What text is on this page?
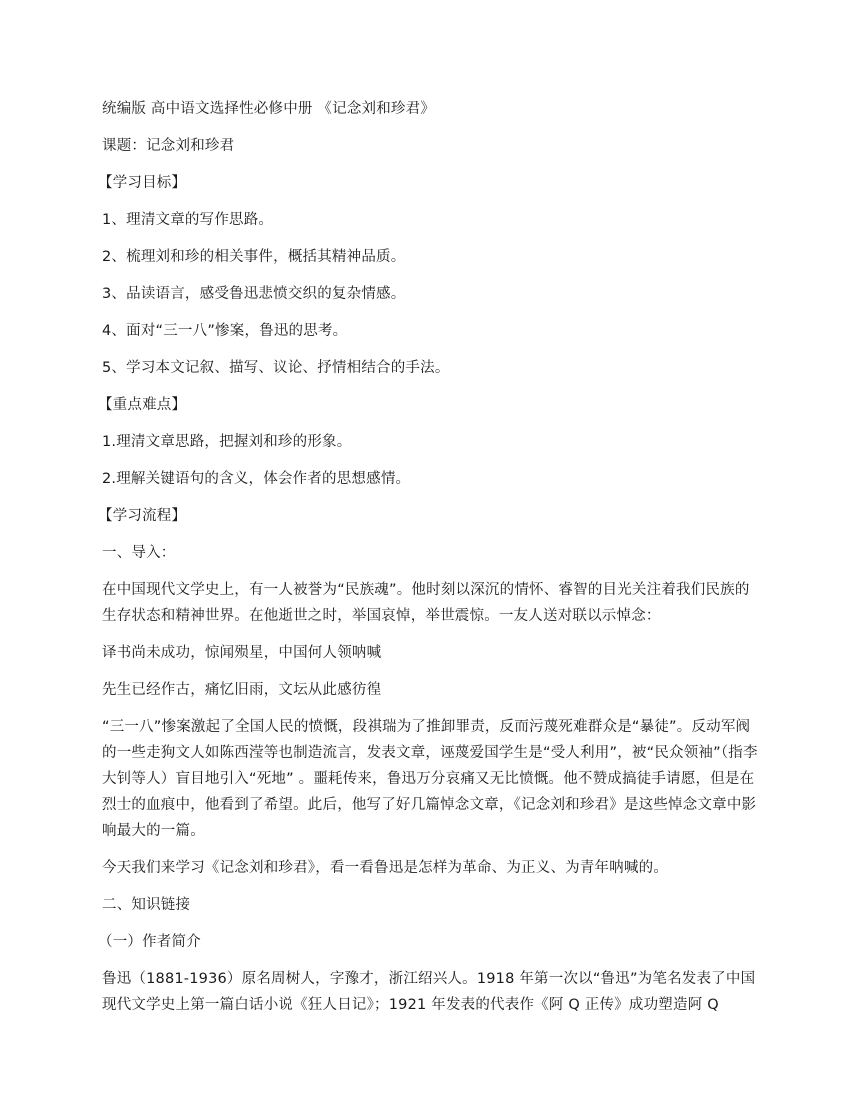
统编版 高中语文选择性必修中册 《记念刘和珍君》

课题：记念刘和珍君

【学习目标】

1、理清文章的写作思路。

2、梳理刘和珍的相关事件，概括其精神品质。

3、品读语言，感受鲁迅悲愤交织的复杂情感。

4、面对“三一八”惨案，鲁迅的思考。

5、学习本文记叙、描写、议论、抒情相结合的手法。

【重点难点】

1.理清文章思路，把握刘和珍的形象。

2.理解关键语句的含义，体会作者的思想感情。

【学习流程】

一、导入：

在中国现代文学史上，有一人被誉为“民族魂”。他时刻以深沉的情怀、睿智的目光关注着我们民族的生存状态和精神世界。在他逝世之时，举国哀悼，举世震惊。一友人送对联以示悼念：

译书尚未成功，惊闻殒星，中国何人领呐喊

先生已经作古，痛忆旧雨，文坛从此感彷徨

“三一八”惨案激起了全国人民的愤慨，段祺瑞为了推卸罪责，反而污蔑死难群众是“暴徒”。反动军阀的一些走狗文人如陈西滢等也制造流言，发表文章，诬蔑爱国学生是“受人利用”，被“民众领袖”（指李大钊等人）盲目地引入“死地” 。噩耗传来，鲁迅万分哀痛又无比愤慨。他不赞成搞徒手请愿，但是在烈士的血痕中，他看到了希望。此后，他写了好几篇悼念文章，《记念刘和珍君》是这些悼念文章中影响最大的一篇。

今天我们来学习《记念刘和珍君》，看一看鲁迅是怎样为革命、为正义、为青年呐喊的。

二、知识链接

（一）作者简介

鲁迅（1881-1936）原名周树人，字豫才，浙江绍兴人。1918 年第一次以“鲁迅”为笔名发表了中国现代文学史上第一篇白话小说《狂人日记》；1921 年发表的代表作《阿 Q 正传》成功塑造阿 Q
